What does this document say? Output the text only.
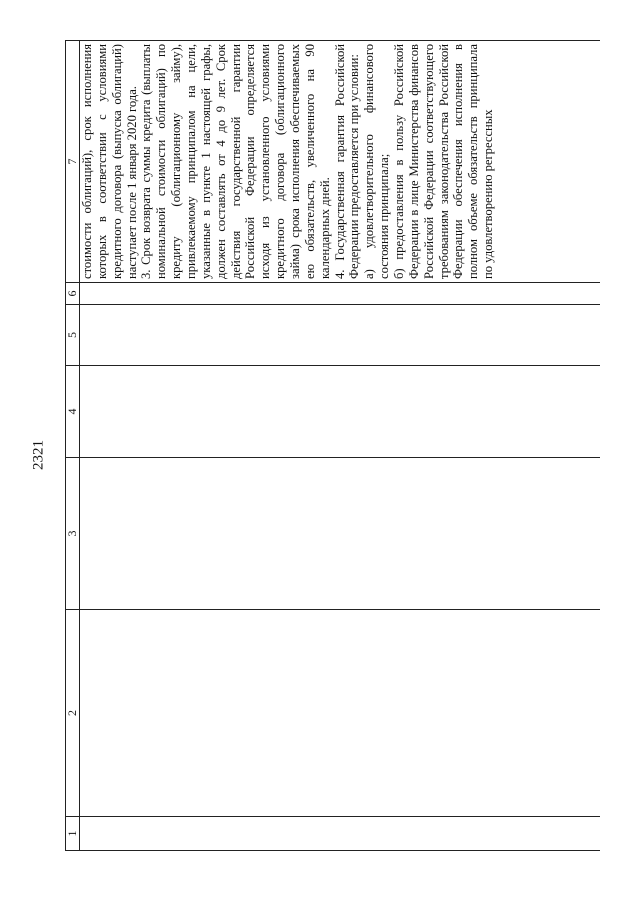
2321
1	2	3	4	5	6	7

						стоимости облигаций), срок исполнения которых в соответствии с условиями кредитного договора (выпуска облигаций) наступает после 1 января 2020 года.
3. Срок возврата суммы кредита (выплаты номинальной стоимости облигаций) по кредиту (облигационному займу), привлекаемому принципалом на цели, указанные в пункте 1 настоящей графы, должен составлять от 4 до 9 лет. Срок действия государственной гарантии Российской Федерации определяется исходя из установленного условиями кредитного договора (облигационного займа) срока исполнения обеспечиваемых ею обязательств, увеличенного на 90 календарных дней.
4. Государственная гарантия Российской Федерации предоставляется при условии:
а) удовлетворительного финансового состояния принципала;
б) предоставления в пользу Российской Федерации в лице Министерства финансов Российской Федерации соответствующего требованиям законодательства Российской Федерации обеспечения исполнения в полном объеме обязательств принципала по удовлетворению регрессных
